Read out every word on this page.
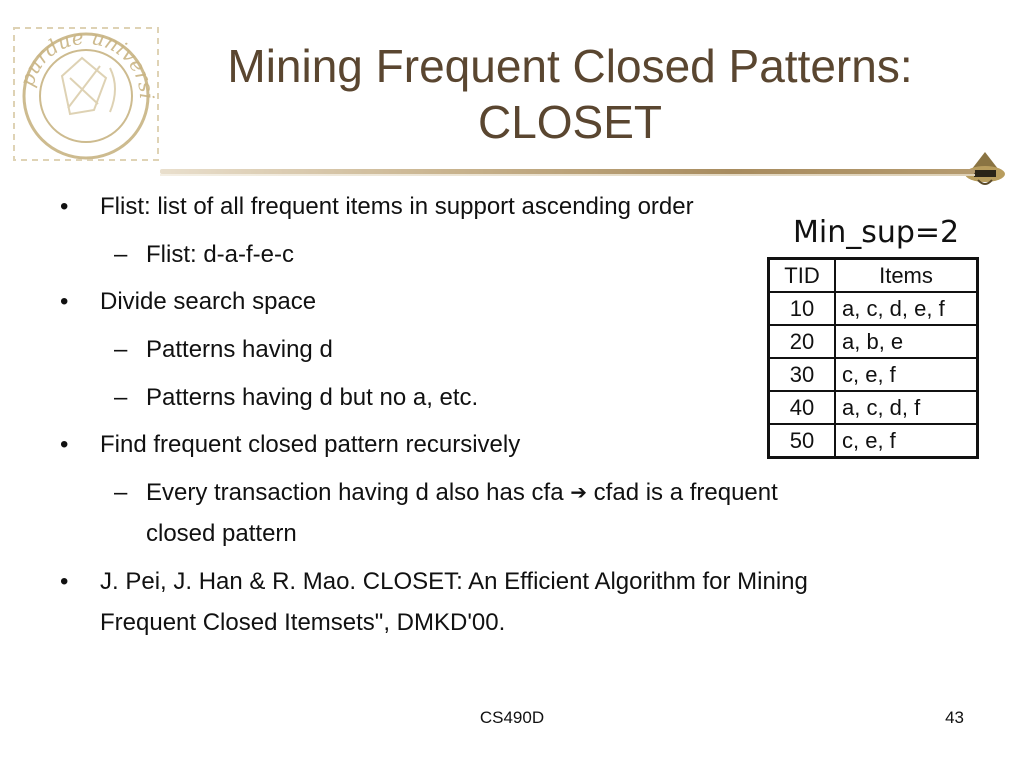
purdue universi
Mining Frequent Closed Patterns:
CLOSET
• Flist: list of all frequent items in support ascending order
– Flist: d-a-f-e-c
• Divide search space
– Patterns having d
– Patterns having d but no a, etc.
• Find frequent closed pattern recursively
– Every transaction having d also has cfa ➔ cfad is a frequent
closed pattern
• J. Pei, J. Han & R. Mao. CLOSET: An Efficient Algorithm for Mining
Frequent Closed Itemsets", DMKD'00.
Min_sup=2
TID	Items
10	a, c, d, e, f
20	a, b, e
30	c, e, f
40	a, c, d, f
50	c, e, f
CS490D	43
